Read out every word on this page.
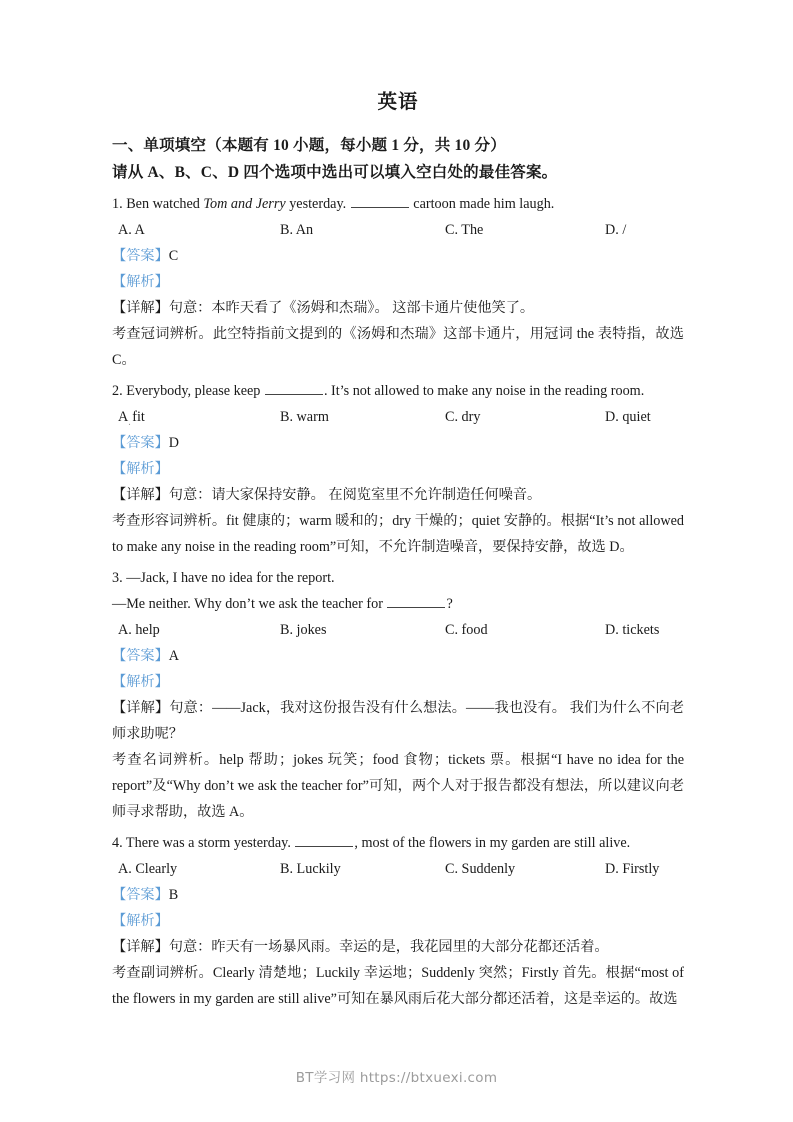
英语
一、单项填空（本题有 10 小题，每小题 1 分，共 10 分）
请从 A、B、C、D 四个选项中选出可以填入空白处的最佳答案。
1. Ben watched Tom and Jerry yesterday.	cartoon made him laugh.
A. A	B. An	C. The	D. /
【答案】C
【解析】
【详解】句意：本昨天看了《汤姆和杰瑞》。 这部卡通片使他笑了。
考查冠词辨析。此空特指前文提到的《汤姆和杰瑞》这部卡通片，用冠词 the 表特指，故选 C。
2. Everybody, please keep	. It’s not allowed to make any noise in the reading room.
A. fit	B. warm	C. dry	D. quiet
【答案】D
【解析】
【详解】句意：请大家保持安静。 在阅览室里不允许制造任何噪音。
考查形容词辨析。fit 健康的；warm 暖和的；dry 干燥的；quiet 安静的。根据“It’s not allowed to make any noise in the reading room”可知，不允许制造噪音，要保持安静，故选 D。
3. —Jack, I have no idea for the report.
—Me neither. Why don’t we ask the teacher for	?
A. help	B. jokes	C. food	D. tickets
【答案】A
【解析】
【详解】句意：——Jack，我对这份报告没有什么想法。——我也没有。 我们为什么不向老师求助呢？
考查名词辨析。help 帮助；jokes 玩笑；food 食物；tickets 票。根据“I have no idea for the report”及“Why don’t we ask the teacher for”可知，两个人对于报告都没有想法，所以建议向老师寻求帮助，故选 A。
4. There was a storm yesterday.	, most of the flowers in my garden are still alive.
A. Clearly	B. Luckily	C. Suddenly	D. Firstly
【答案】B
【解析】
【详解】句意：昨天有一场暴风雨。幸运的是，我花园里的大部分花都还活着。
考查副词辨析。Clearly 清楚地；Luckily 幸运地；Suddenly 突然；Firstly 首先。根据“most of the flowers in my garden are still alive”可知在暴风雨后花大部分都还活着，这是幸运的。故选
BT学习网 https://btxuexi.com
